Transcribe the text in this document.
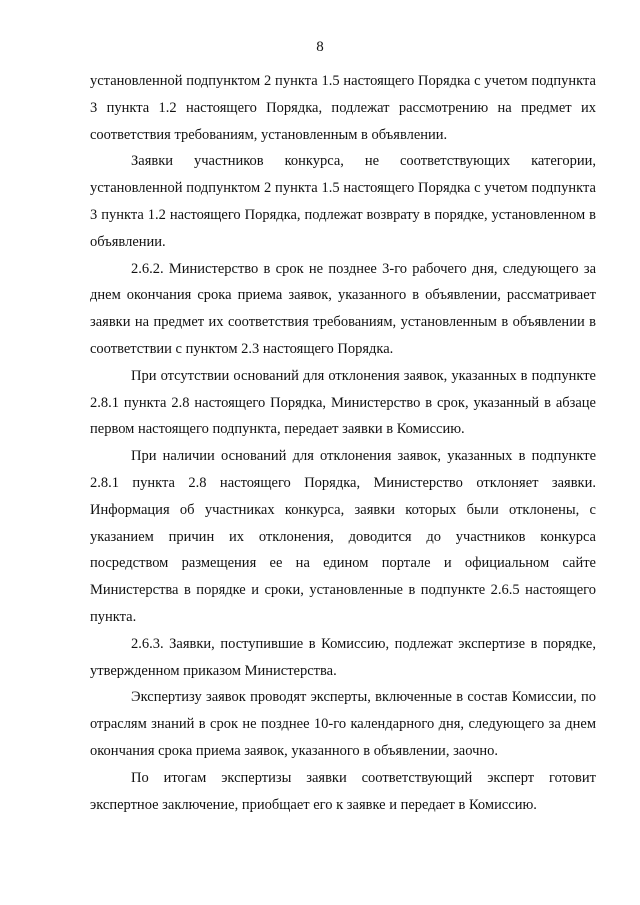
8

установленной подпунктом 2 пункта 1.5 настоящего Порядка с учетом подпункта 3 пункта 1.2 настоящего Порядка, подлежат рассмотрению на предмет их соответствия требованиям, установленным в объявлении.

Заявки участников конкурса, не соответствующих категории, установленной подпунктом 2 пункта 1.5 настоящего Порядка с учетом подпункта 3 пункта 1.2 настоящего Порядка, подлежат возврату в порядке, установленном в объявлении.

2.6.2. Министерство в срок не позднее 3-го рабочего дня, следующего за днем окончания срока приема заявок, указанного в объявлении, рассматривает заявки на предмет их соответствия требованиям, установленным в объявлении в соответствии с пунктом 2.3 настоящего Порядка.

При отсутствии оснований для отклонения заявок, указанных в подпункте 2.8.1 пункта 2.8 настоящего Порядка, Министерство в срок, указанный в абзаце первом настоящего подпункта, передает заявки в Комиссию.

При наличии оснований для отклонения заявок, указанных в подпункте 2.8.1 пункта 2.8 настоящего Порядка, Министерство отклоняет заявки. Информация об участниках конкурса, заявки которых были отклонены, с указанием причин их отклонения, доводится до участников конкурса посредством размещения ее на едином портале и официальном сайте Министерства в порядке и сроки, установленные в подпункте 2.6.5 настоящего пункта.

2.6.3. Заявки, поступившие в Комиссию, подлежат экспертизе в порядке, утвержденном приказом Министерства.

Экспертизу заявок проводят эксперты, включенные в состав Комиссии, по отраслям знаний в срок не позднее 10-го календарного дня, следующего за днем окончания срока приема заявок, указанного в объявлении, заочно.

По итогам экспертизы заявки соответствующий эксперт готовит экспертное заключение, приобщает его к заявке и передает в Комиссию.
